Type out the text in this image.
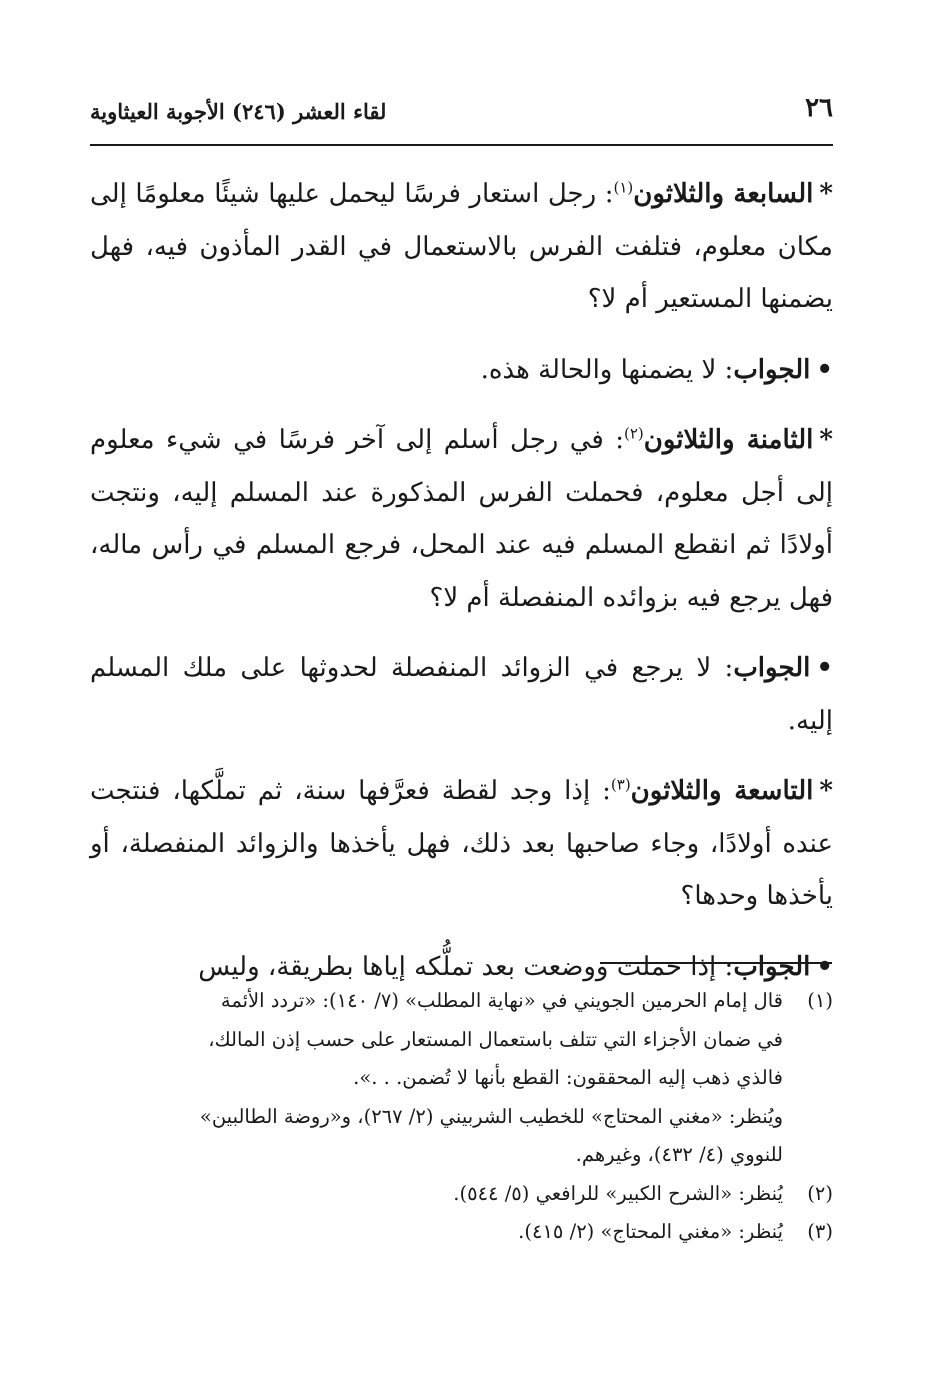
٢٦
لقاء العشر (٢٤٦) الأجوبة العيثاوية

*السابعة والثلاثون$^{(١)}$: رجل استعار فرسًا ليحمل عليها شيئًا معلومًا إلى مكان معلوم، فتلفت الفرس بالاستعمال في القدر المأذون فيه، فهل يضمنها المستعير أم لا؟

•الجواب: لا يضمنها والحالة هذه.

*الثامنة والثلاثون$^{(٢)}$: في رجل أسلم إلى آخر فرسًا في شيء معلوم إلى أجل معلوم، فحملت الفرس المذكورة عند المسلم إليه، ونتجت أولادًا ثم انقطع المسلم فيه عند المحل، فرجع المسلم في رأس ماله، فهل يرجع فيه بزوائده المنفصلة أم لا؟

•الجواب: لا يرجع في الزوائد المنفصلة لحدوثها على ملك المسلم إليه.

*التاسعة والثلاثون$^{(٣)}$: إذا وجد لقطة فعرَّفها سنة، ثم تملَّكها، فنتجت عنده أولادًا، وجاء صاحبها بعد ذلك، فهل يأخذها والزوائد المنفصلة، أو يأخذها وحدها؟

•الجواب: إذا حملت ووضعت بعد تملُّكه إياها بطريقة، وليس

(١)
قال إمام الحرمين الجويني في «نهاية المطلب» (٧/ ١٤٠): «تردد الأئمة
في ضمان الأجزاء التي تتلف باستعمال المستعار على حسب إذن المالك،
فالذي ذهب إليه المحققون: القطع بأنها لا تُضمن. . .».
ويُنظر: «مغني المحتاج» للخطيب الشربيني (٢/ ٢٦٧)، و«روضة الطالبين»
للنووي (٤/ ٤٣٢)، وغيرهم.
(٢)
يُنظر: «الشرح الكبير» للرافعي (٥/ ٥٤٤).
(٣)
يُنظر: «مغني المحتاج» (٢/ ٤١٥).
